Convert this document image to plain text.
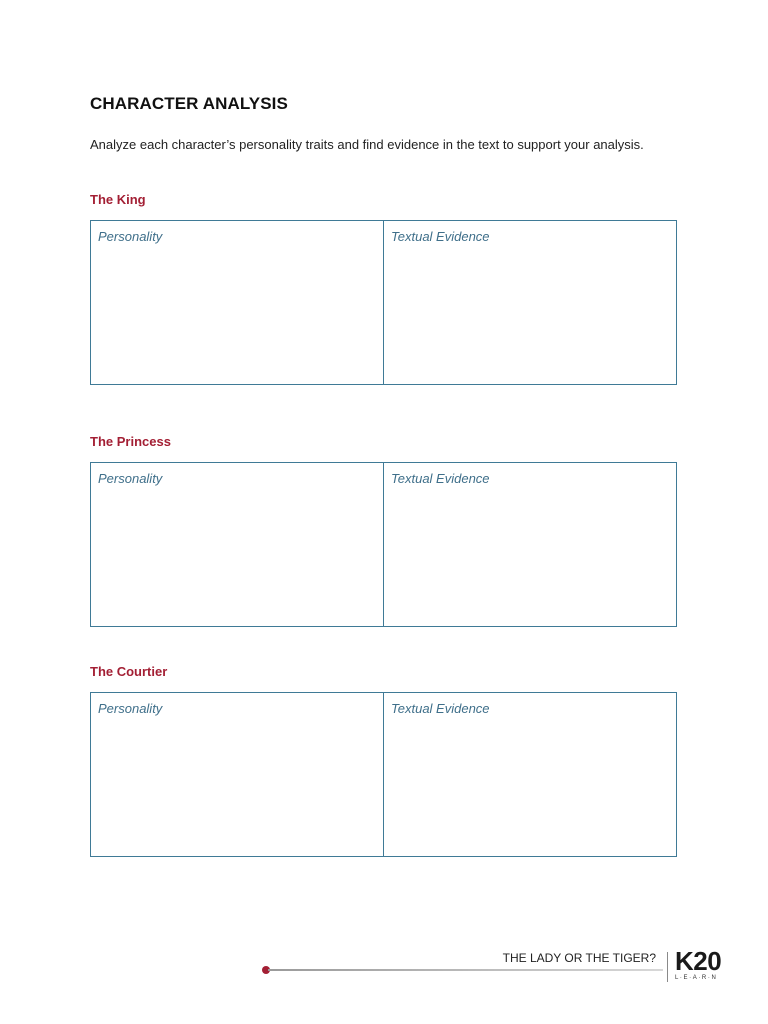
CHARACTER ANALYSIS

Analyze each character’s personality traits and find evidence in the text to support your analysis.

The King
Personality	Textual Evidence
The Princess
Personality	Textual Evidence
The Courtier
Personality	Textual Evidence
THE LADY OR THE TIGER? K20
L·E·A·R·N
